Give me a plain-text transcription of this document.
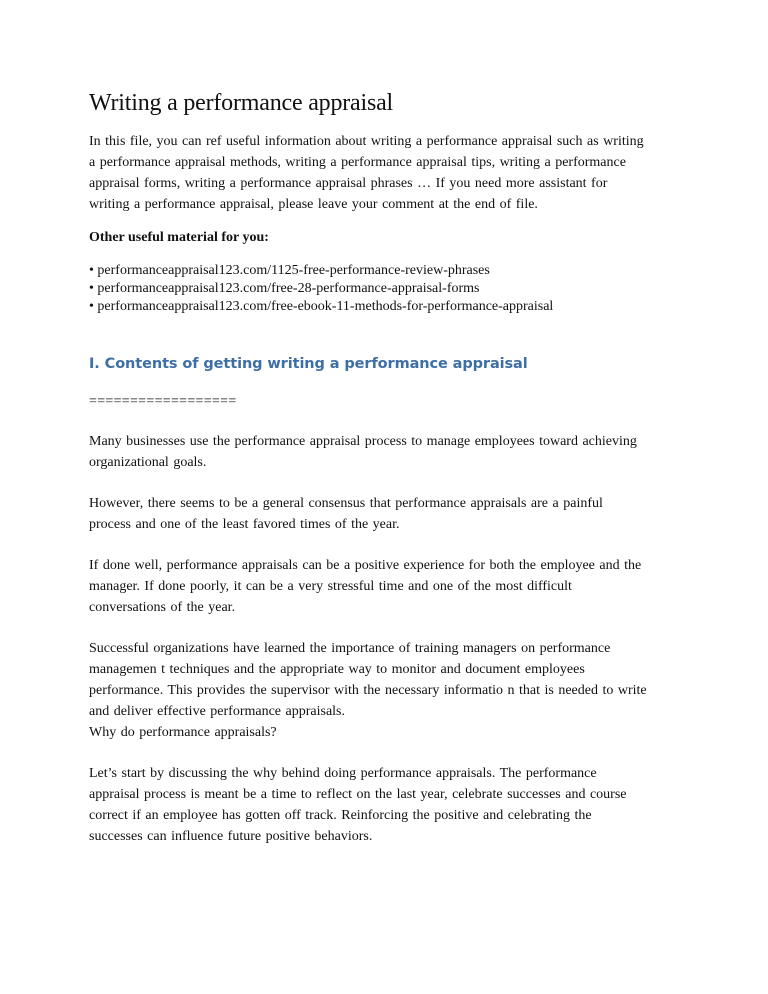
Writing a performance appraisal

In this file, you can ref useful information about writing a performance appraisal such as writing

a performance appraisal methods, writing a performance appraisal tips, writing a performance

appraisal forms, writing a performance appraisal phrases … If you need more assistant for

writing a performance appraisal, please leave your comment at the end of file.

Other useful material for you:
• performanceappraisal123.com/1125-free-performance-review-phrases
• performanceappraisal123.com/free-28-performance-appraisal-forms
• performanceappraisal123.com/free-ebook-11-methods-for-performance-appraisal
I. Contents of getting writing a performance appraisal
==================

Many businesses use the performance appraisal process to manage employees toward achieving

organizational goals.

However, there seems to be a general consensus that performance appraisals are a painful

process and one of the least favored times of the year.

If done well, performance appraisals can be a positive experience for both the employee and the

manager. If done poorly, it can be a very stressful time and one of the most difficult

conversations of the year.

Successful organizations have learned the importance of training managers on performance

managemen t techniques and the appropriate way to monitor and document employees

performance. This provides the supervisor with the necessary informatio n that is needed to write

and deliver effective performance appraisals.

Why do performance appraisals?

Let’s start by discussing the why behind doing performance appraisals. The performance

appraisal process is meant be a time to reflect on the last year, celebrate successes and course

correct if an employee has gotten off track. Reinforcing the positive and celebrating the

successes can influence future positive behaviors.
